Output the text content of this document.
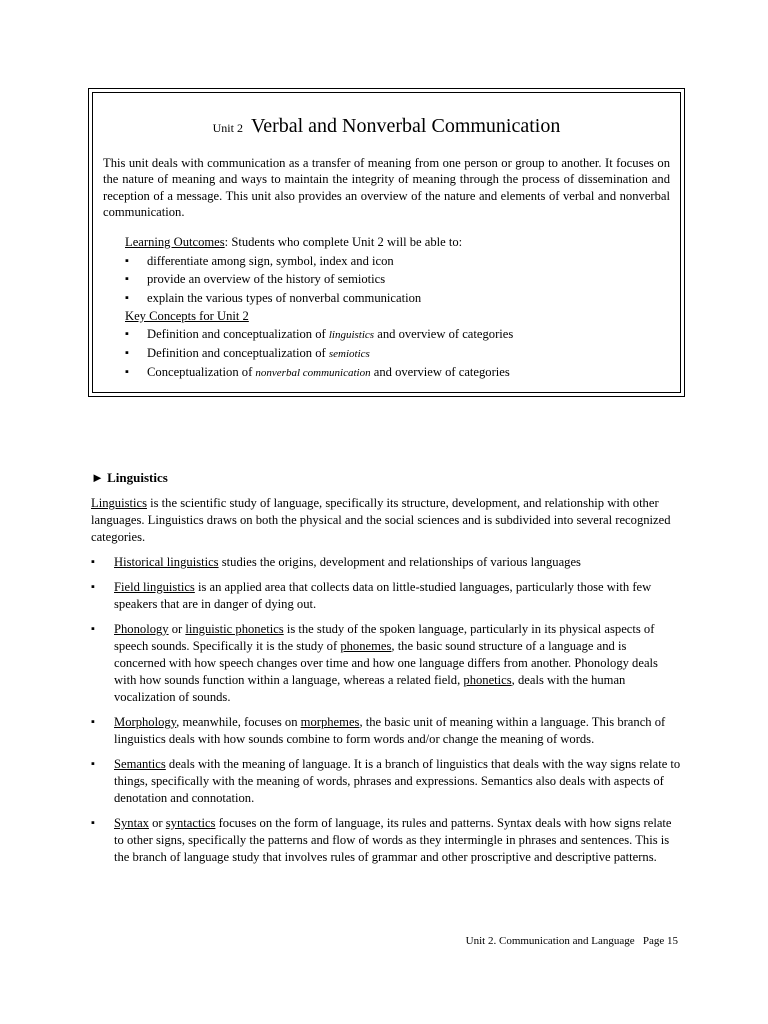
Unit 2 Verbal and Nonverbal Communication

This unit deals with communication as a transfer of meaning from one person or group to another. It focuses on the nature of meaning and ways to maintain the integrity of meaning through the process of dissemination and reception of a message. This unit also provides an overview of the nature and elements of verbal and nonverbal communication.

Learning Outcomes: Students who complete Unit 2 will be able to:
▪ differentiate among sign, symbol, index and icon
▪ provide an overview of the history of semiotics
▪ explain the various types of nonverbal communication
Key Concepts for Unit 2
▪ Definition and conceptualization of linguistics and overview of categories
▪ Definition and conceptualization of semiotics
▪ Conceptualization of nonverbal communication and overview of categories
► Linguistics

Linguistics is the scientific study of language, specifically its structure, development, and relationship with other languages. Linguistics draws on both the physical and the social sciences and is subdivided into several recognized categories.

▪ Historical linguistics studies the origins, development and relationships of various languages
▪ Field linguistics is an applied area that collects data on little-studied languages, particularly those with few speakers that are in danger of dying out.
▪ Phonology or linguistic phonetics is the study of the spoken language, particularly in its physical aspects of speech sounds. Specifically it is the study of phonemes, the basic sound structure of a language and is concerned with how speech changes over time and how one language differs from another. Phonology deals with how sounds function within a language, whereas a related field, phonetics, deals with the human vocalization of sounds.
▪ Morphology, meanwhile, focuses on morphemes, the basic unit of meaning within a language. This branch of linguistics deals with how sounds combine to form words and/or change the meaning of words.
▪ Semantics deals with the meaning of language. It is a branch of linguistics that deals with the way signs relate to things, specifically with the meaning of words, phrases and expressions. Semantics also deals with aspects of denotation and connotation.
▪ Syntax or syntactics focuses on the form of language, its rules and patterns. Syntax deals with how signs relate to other signs, specifically the patterns and flow of words as they intermingle in phrases and sentences. This is the branch of language study that involves rules of grammar and other proscriptive and descriptive patterns.
Unit 2. Communication and Language Page 15
